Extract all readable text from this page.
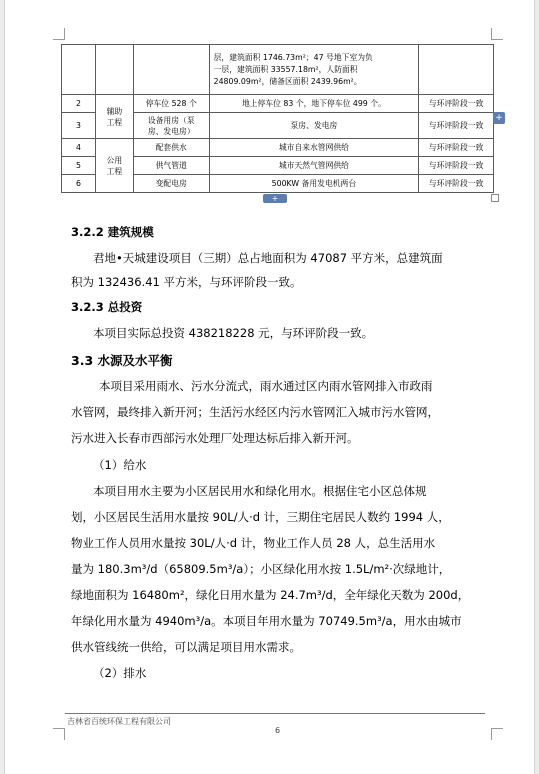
			层，建筑面积 1746.73m²；47 号地下室为负
一层，建筑面积 33557.18m²，人防面积
24809.09m²，储备区面积 2439.96m²。	

2	辅助
工程	停车位 528 个	地上停车位 83 个，地下停车位 499 个。	与环评阶段一致
3		设备用房（泵
房、发电房）	泵房、发电房	与环评阶段一致
4	公用
工程	配套供水	城市自来水管网供给	与环评阶段一致
5		供气管道	城市天然气管网供给	与环评阶段一致
6		变配电房	500KW 备用发电机两台	与环评阶段一致
+
+
3.2.2 建筑规模
君地•天城建设项目（三期）总占地面积为 47087 平方米，总建筑面
积为 132436.41 平方米，与环评阶段一致。
3.2.3 总投资
本项目实际总投资 438218228 元，与环评阶段一致。
3.3 水源及水平衡
本项目采用雨水、污水分流式，雨水通过区内雨水管网排入市政雨
水管网，最终排入新开河；生活污水经区内污水管网汇入城市污水管网，
污水进入长春市西部污水处理厂处理达标后排入新开河。
（1）给水
本项目用水主要为小区居民用水和绿化用水。根据住宅小区总体规
划，小区居民生活用水量按 90L/人·d 计，三期住宅居民人数约 1994 人，
物业工作人员用水量按 30L/人·d 计，物业工作人员 28 人，总生活用水
量为 180.3m³/d（65809.5m³/a）；小区绿化用水按 1.5L/m²·次绿地计，
绿地面积为 16480m²，绿化日用水量为 24.7m³/d，全年绿化天数为 200d，
年绿化用水量为 4940m³/a。本项目年用水量为 70749.5m³/a，用水由城市
供水管线统一供给，可以满足项目用水需求。
（2）排水
吉林省百统环保工程有限公司
6
